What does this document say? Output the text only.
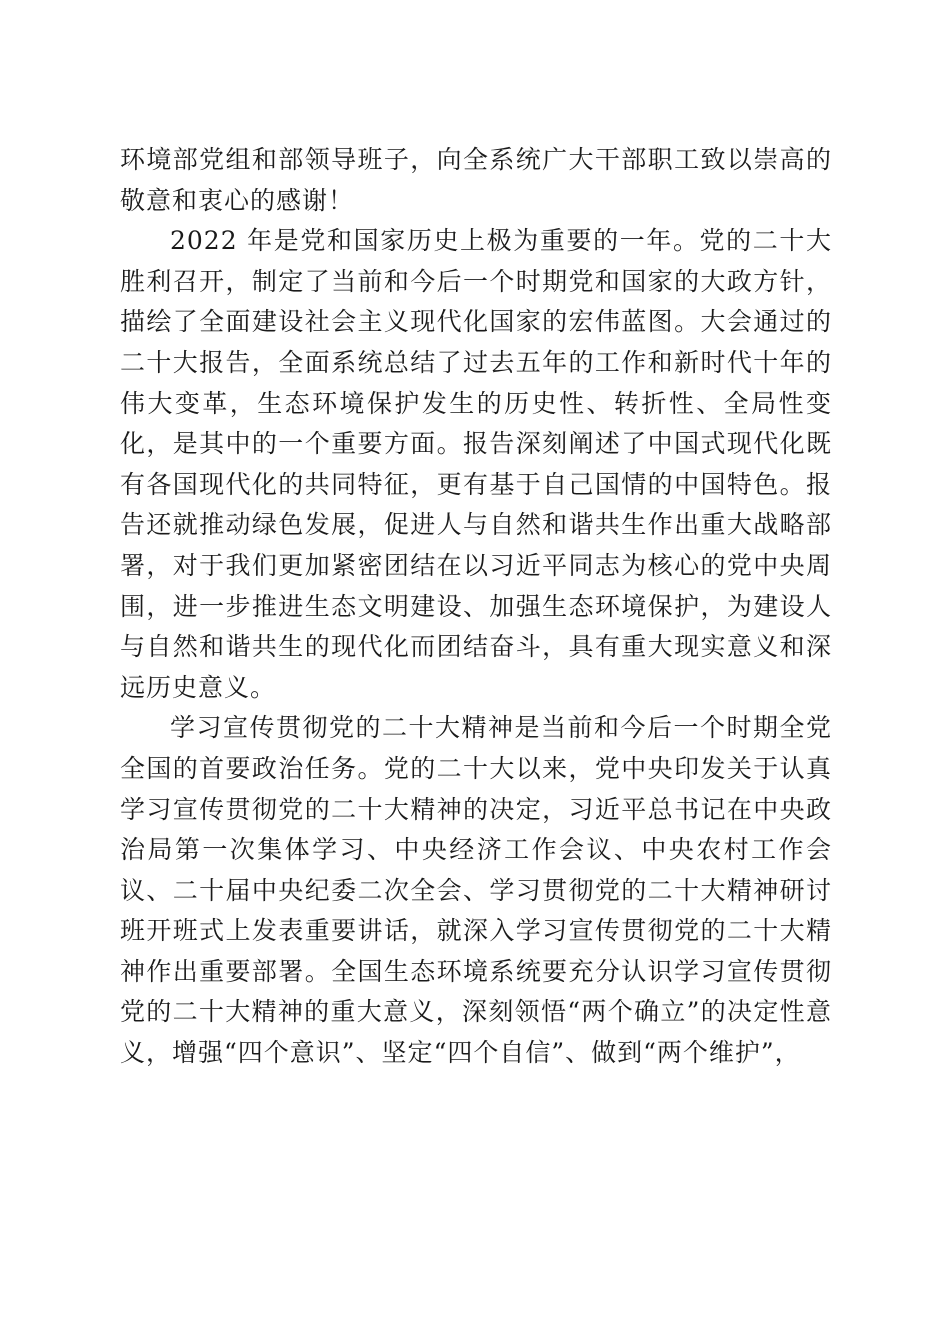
环境部党组和部领导班子，向全系统广大干部职工致以崇高的敬意和衷心的感谢！

2022 年是党和国家历史上极为重要的一年。党的二十大胜利召开，制定了当前和今后一个时期党和国家的大政方针，描绘了全面建设社会主义现代化国家的宏伟蓝图。大会通过的二十大报告，全面系统总结了过去五年的工作和新时代十年的伟大变革，生态环境保护发生的历史性、转折性、全局性变化，是其中的一个重要方面。报告深刻阐述了中国式现代化既有各国现代化的共同特征，更有基于自己国情的中国特色。报告还就推动绿色发展，促进人与自然和谐共生作出重大战略部署，对于我们更加紧密团结在以习近平同志为核心的党中央周围，进一步推进生态文明建设、加强生态环境保护，为建设人与自然和谐共生的现代化而团结奋斗，具有重大现实意义和深远历史意义。

学习宣传贯彻党的二十大精神是当前和今后一个时期全党全国的首要政治任务。党的二十大以来，党中央印发关于认真学习宣传贯彻党的二十大精神的决定，习近平总书记在中央政治局第一次集体学习、中央经济工作会议、中央农村工作会议、二十届中央纪委二次全会、学习贯彻党的二十大精神研讨班开班式上发表重要讲话，就深入学习宣传贯彻党的二十大精神作出重要部署。全国生态环境系统要充分认识学习宣传贯彻党的二十大精神的重大意义，深刻领悟“两个确立”的决定性意义，增强“四个意识”、坚定“四个自信”、做到“两个维护”，
